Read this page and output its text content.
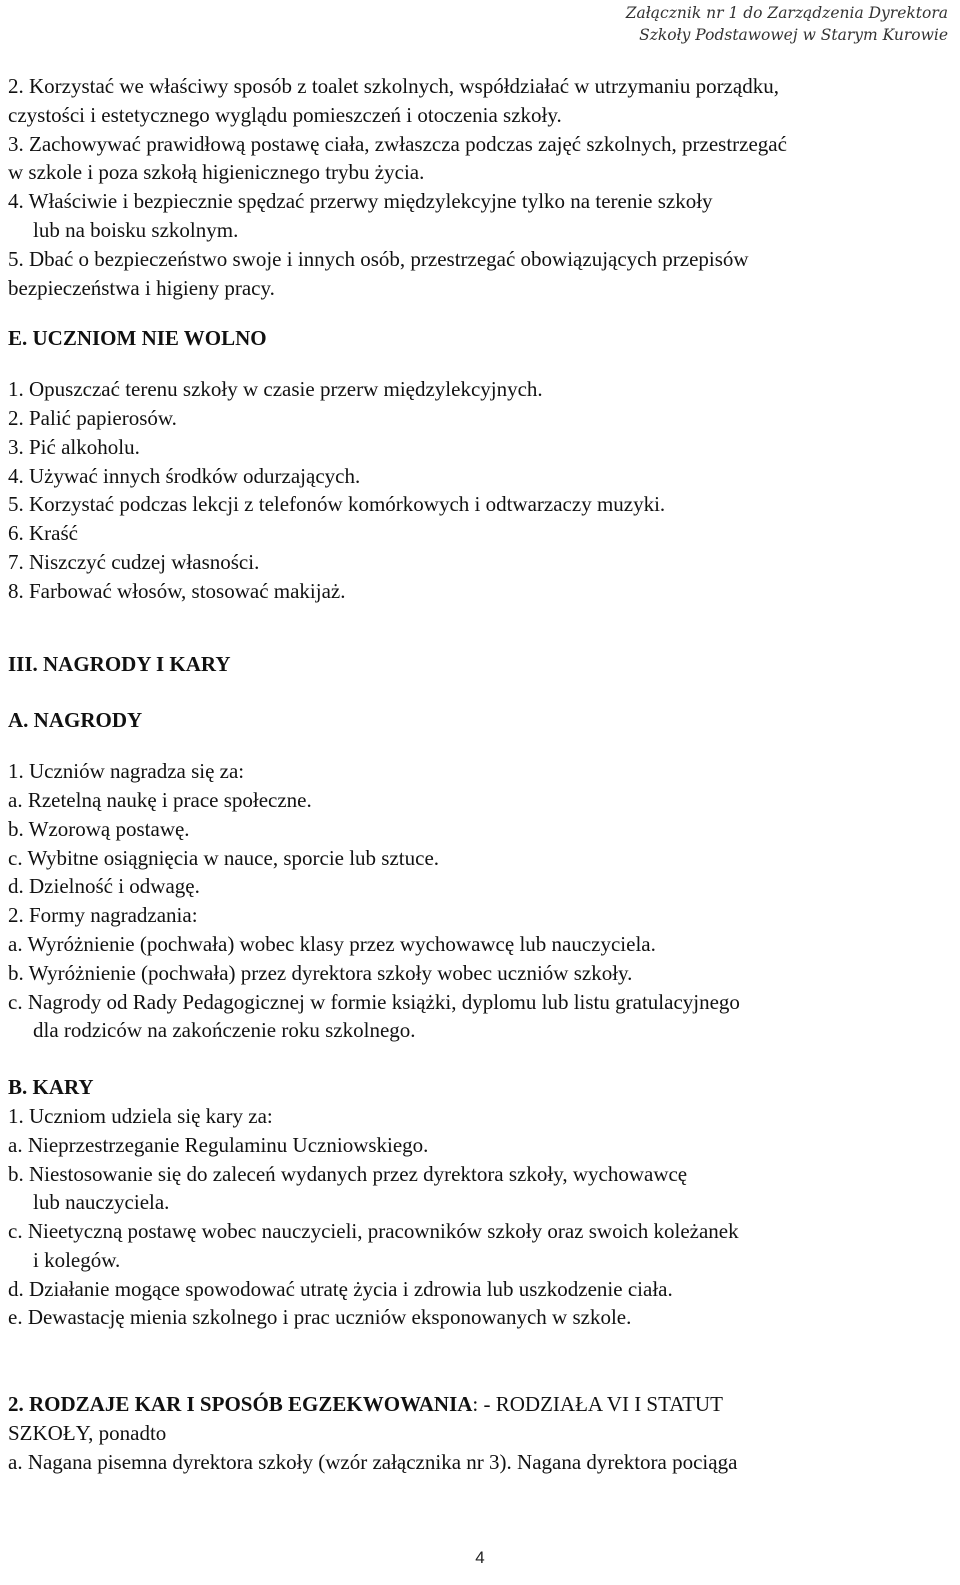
Załącznik nr 1 do Zarządzenia Dyrektora
Szkoły Podstawowej w Starym Kurowie
2. Korzystać we właściwy sposób z toalet szkolnych, współdziałać w utrzymaniu porządku,
czystości i estetycznego wyglądu pomieszczeń i otoczenia szkoły.
3. Zachowywać prawidłową postawę ciała, zwłaszcza podczas zajęć szkolnych, przestrzegać
w szkole i poza szkołą higienicznego trybu życia.
4. Właściwie i bezpiecznie spędzać przerwy międzylekcyjne tylko na terenie szkoły
lub na boisku szkolnym.
5. Dbać o bezpieczeństwo swoje i innych osób, przestrzegać obowiązujących przepisów
bezpieczeństwa i higieny pracy.
E. UCZNIOM NIE WOLNO
1. Opuszczać terenu szkoły w czasie przerw międzylekcyjnych.
2. Palić papierosów.
3. Pić alkoholu.
4. Używać innych środków odurzających.
5. Korzystać podczas lekcji z telefonów komórkowych i odtwarzaczy muzyki.
6. Kraść
7. Niszczyć cudzej własności.
8. Farbować włosów, stosować makijaż.
III. NAGRODY I KARY
A. NAGRODY
1. Uczniów nagradza się za:
a. Rzetelną naukę i prace społeczne.
b. Wzorową postawę.
c. Wybitne osiągnięcia w nauce, sporcie lub sztuce.
d. Dzielność i odwagę.
2. Formy nagradzania:
a. Wyróżnienie (pochwała) wobec klasy przez wychowawcę lub nauczyciela.
b. Wyróżnienie (pochwała) przez dyrektora szkoły wobec uczniów szkoły.
c. Nagrody od Rady Pedagogicznej w formie książki, dyplomu lub listu gratulacyjnego
dla rodziców na zakończenie roku szkolnego.
B. KARY
1. Uczniom udziela się kary za:
a. Nieprzestrzeganie Regulaminu Uczniowskiego.
b. Niestosowanie się do zaleceń wydanych przez dyrektora szkoły, wychowawcę
lub nauczyciela.
c. Nieetyczną postawę wobec nauczycieli, pracowników szkoły oraz swoich koleżanek
i kolegów.
d. Działanie mogące spowodować utratę życia i zdrowia lub uszkodzenie ciała.
e. Dewastację mienia szkolnego i prac uczniów eksponowanych w szkole.
2. RODZAJE KAR I SPOSÓB EGZEKWOWANIA: - RODZIAŁA VI I STATUT
SZKOŁY, ponadto
a. Nagana pisemna dyrektora szkoły (wzór załącznika nr 3). Nagana dyrektora pociąga
4
